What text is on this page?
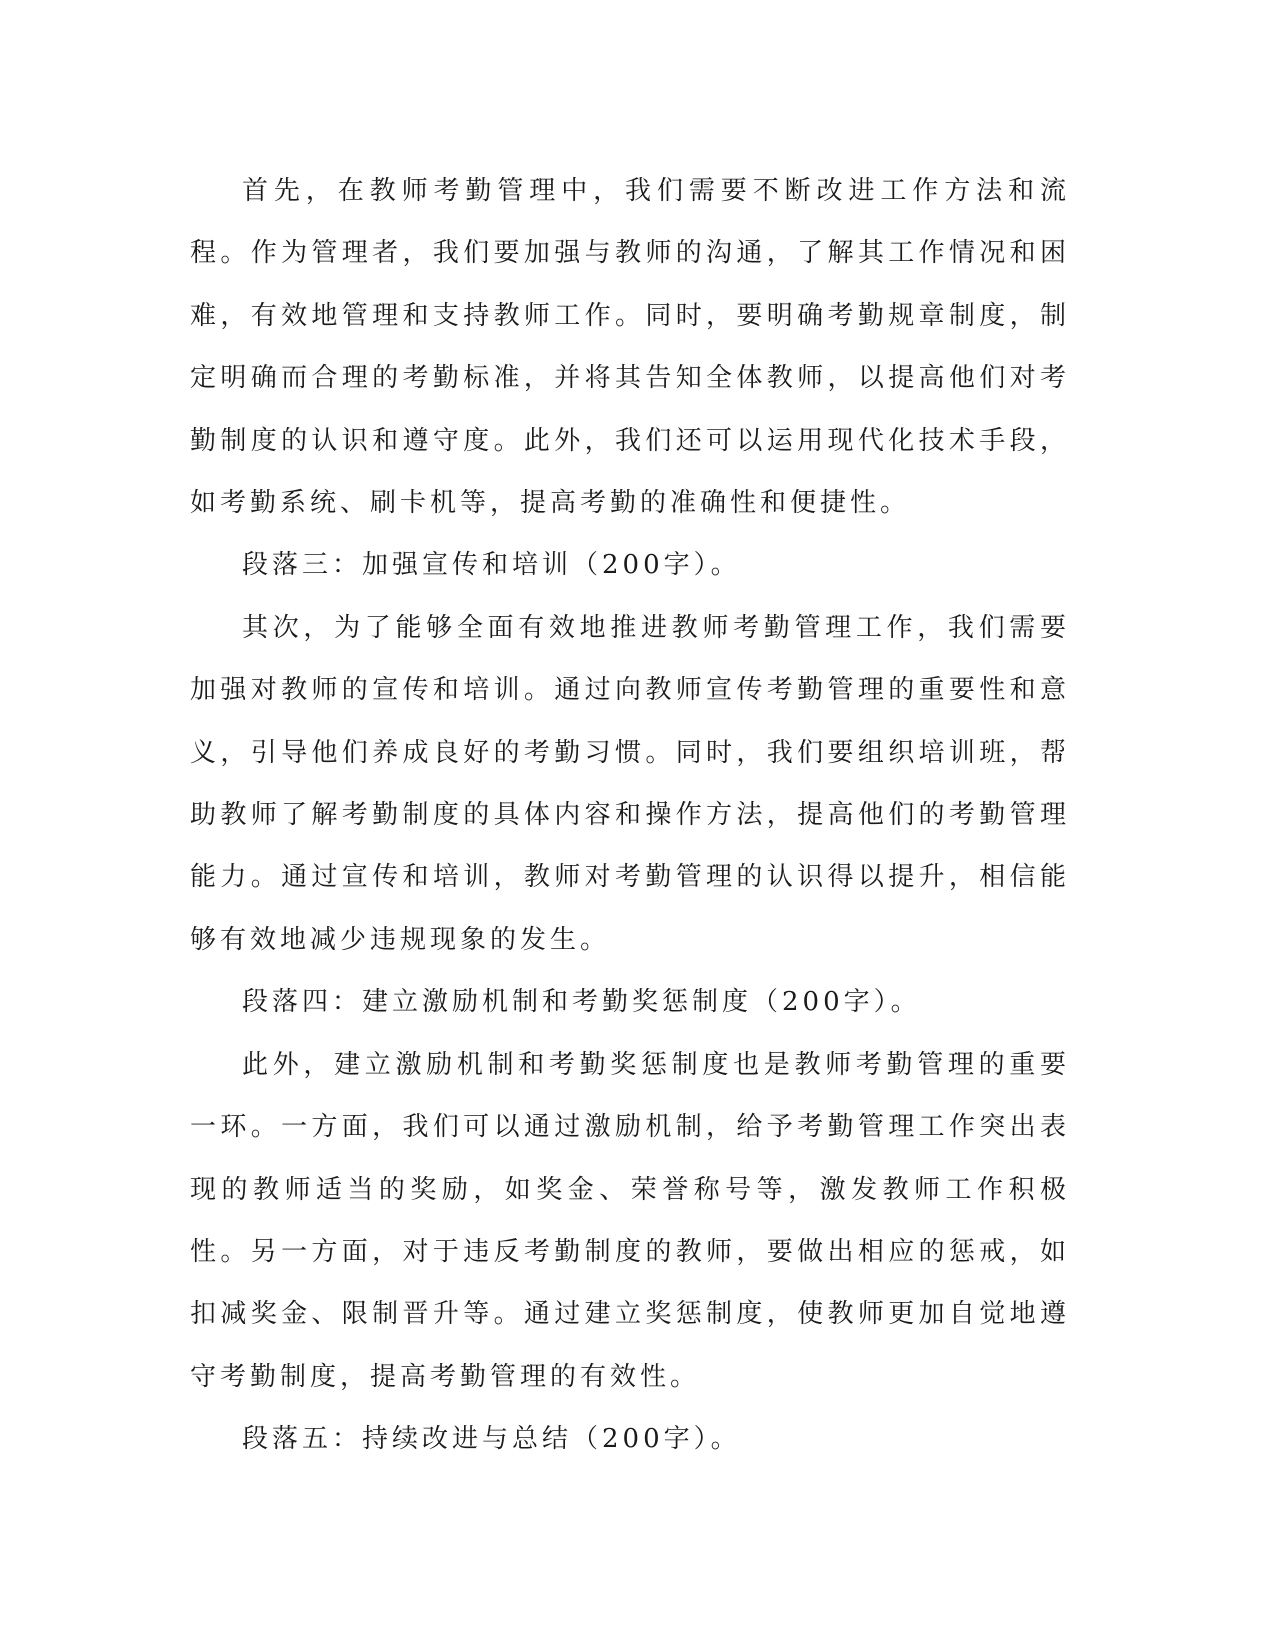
首先，在教师考勤管理中，我们需要不断改进工作方法和流程。作为管理者，我们要加强与教师的沟通，了解其工作情况和困难，有效地管理和支持教师工作。同时，要明确考勤规章制度，制定明确而合理的考勤标准，并将其告知全体教师，以提高他们对考勤制度的认识和遵守度。此外，我们还可以运用现代化技术手段，如考勤系统、刷卡机等，提高考勤的准确性和便捷性。

段落三：加强宣传和培训（200字）。

其次，为了能够全面有效地推进教师考勤管理工作，我们需要加强对教师的宣传和培训。通过向教师宣传考勤管理的重要性和意义，引导他们养成良好的考勤习惯。同时，我们要组织培训班，帮助教师了解考勤制度的具体内容和操作方法，提高他们的考勤管理能力。通过宣传和培训，教师对考勤管理的认识得以提升，相信能够有效地减少违规现象的发生。

段落四：建立激励机制和考勤奖惩制度（200字）。

此外，建立激励机制和考勤奖惩制度也是教师考勤管理的重要一环。一方面，我们可以通过激励机制，给予考勤管理工作突出表现的教师适当的奖励，如奖金、荣誉称号等，激发教师工作积极性。另一方面，对于违反考勤制度的教师，要做出相应的惩戒，如扣减奖金、限制晋升等。通过建立奖惩制度，使教师更加自觉地遵守考勤制度，提高考勤管理的有效性。

段落五：持续改进与总结（200字）。
